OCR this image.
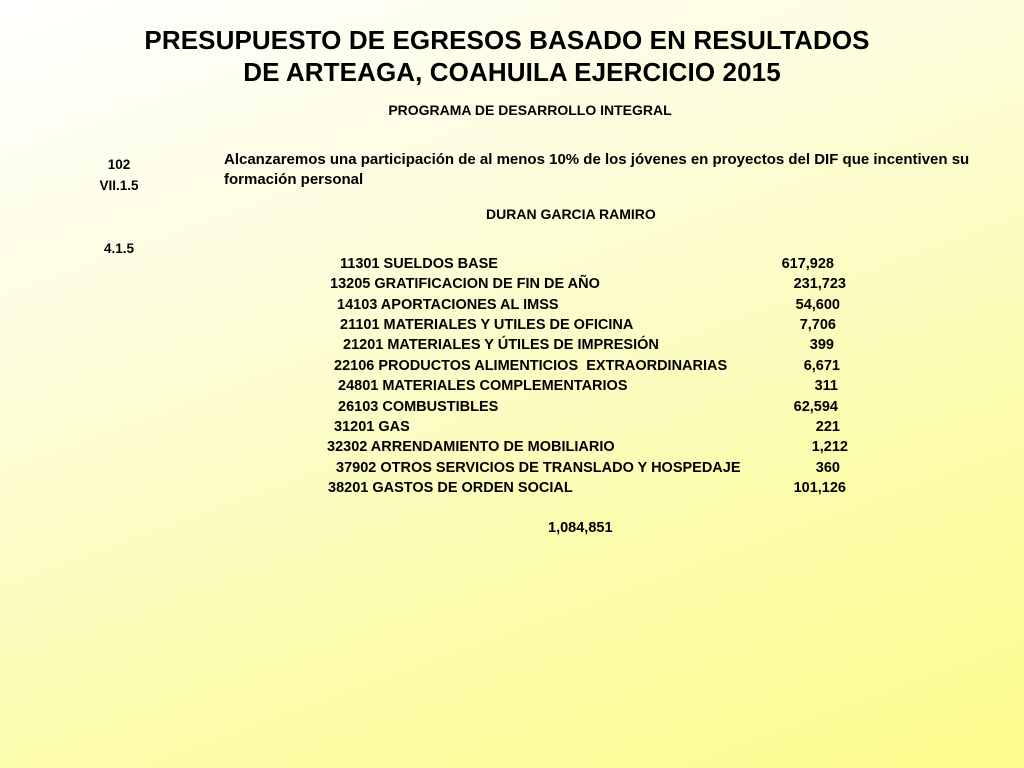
PRESUPUESTO DE EGRESOS BASADO EN RESULTADOS
DE ARTEAGA, COAHUILA EJERCICIO 2015
PROGRAMA DE DESARROLLO INTEGRAL
102
VII.1.5
4.1.5
Alcanzaremos una participación de al menos 10% de los jóvenes en proyectos del DIF que incentiven su formación personal
DURAN GARCIA RAMIRO
11301 SUELDOS BASE	617,928
13205 GRATIFICACION DE FIN DE AÑO	231,723
14103 APORTACIONES AL IMSS	54,600
21101 MATERIALES Y UTILES DE OFICINA	7,706
21201 MATERIALES Y ÚTILES DE IMPRESIÓN	399
22106 PRODUCTOS ALIMENTICIOS  EXTRAORDINARIAS	6,671
24801 MATERIALES COMPLEMENTARIOS	311
26103 COMBUSTIBLES	62,594
31201 GAS	221
32302 ARRENDAMIENTO DE MOBILIARIO	1,212
37902 OTROS SERVICIOS DE TRANSLADO Y HOSPEDAJE	360
38201 GASTOS DE ORDEN SOCIAL	101,126
1,084,851
